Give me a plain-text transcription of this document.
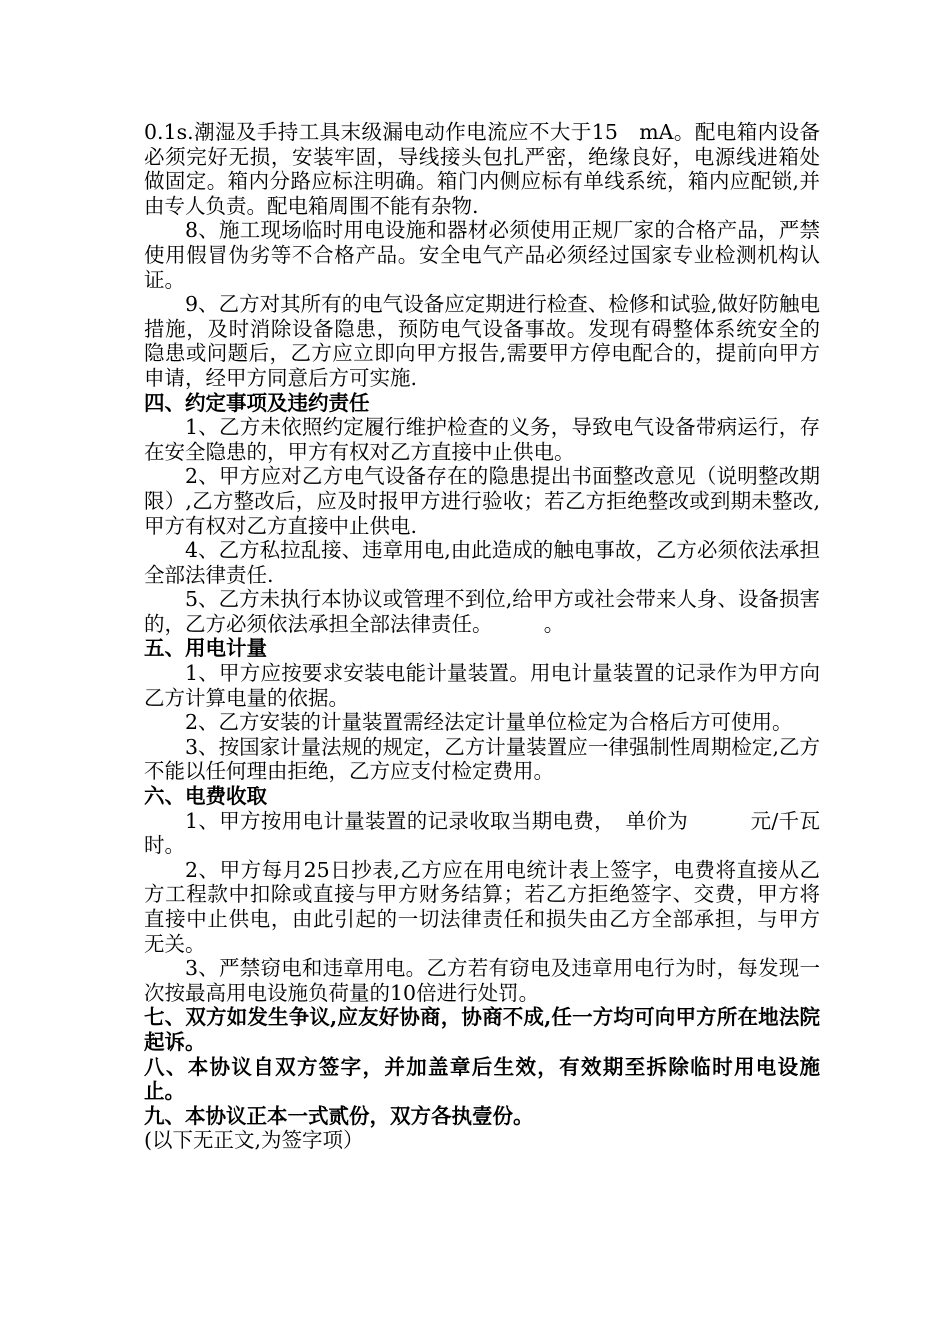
0.1s.潮湿及手持工具末级漏电动作电流应不大于15　mA。配电箱内设备必须完好无损，安装牢固，导线接头包扎严密，绝缘良好，电源线进箱处做固定。箱内分路应标注明确。箱门内侧应标有单线系统，箱内应配锁,并由专人负责。配电箱周围不能有杂物.

8、施工现场临时用电设施和器材必须使用正规厂家的合格产品，严禁使用假冒伪劣等不合格产品。安全电气产品必须经过国家专业检测机构认证。

9、乙方对其所有的电气设备应定期进行检查、检修和试验,做好防触电措施，及时消除设备隐患，预防电气设备事故。发现有碍整体系统安全的隐患或问题后，乙方应立即向甲方报告,需要甲方停电配合的，提前向甲方申请，经甲方同意后方可实施.

四、约定事项及违约责任

1、乙方未依照约定履行维护检查的义务，导致电气设备带病运行，存在安全隐患的，甲方有权对乙方直接中止供电。

2、甲方应对乙方电气设备存在的隐患提出书面整改意见（说明整改期限）,乙方整改后，应及时报甲方进行验收；若乙方拒绝整改或到期未整改,甲方有权对乙方直接中止供电.

4、乙方私拉乱接、违章用电,由此造成的触电事故，乙方必须依法承担全部法律责任.

5、乙方未执行本协议或管理不到位,给甲方或社会带来人身、设备损害的，乙方必须依法承担全部法律责任。　　　。

五、用电计量

1、甲方应按要求安装电能计量装置。用电计量装置的记录作为甲方向乙方计算电量的依据。

2、乙方安装的计量装置需经法定计量单位检定为合格后方可使用。

3、按国家计量法规的规定，乙方计量装置应一律强制性周期检定,乙方不能以任何理由拒绝，乙方应支付检定费用。

六、电费收取

1、甲方按用电计量装置的记录收取当期电费，　单价为　　　元/千瓦时。

2、甲方每月25日抄表,乙方应在用电统计表上签字，电费将直接从乙方工程款中扣除或直接与甲方财务结算；若乙方拒绝签字、交费，甲方将直接中止供电，由此引起的一切法律责任和损失由乙方全部承担，与甲方无关。

3、严禁窃电和违章用电。乙方若有窃电及违章用电行为时，每发现一次按最高用电设施负荷量的10倍进行处罚。

七、双方如发生争议,应友好协商，协商不成,任一方均可向甲方所在地法院起诉。

八、本协议自双方签字，并加盖章后生效，有效期至拆除临时用电设施止。

九、本协议正本一式贰份，双方各执壹份。

(以下无正文,为签字项）
